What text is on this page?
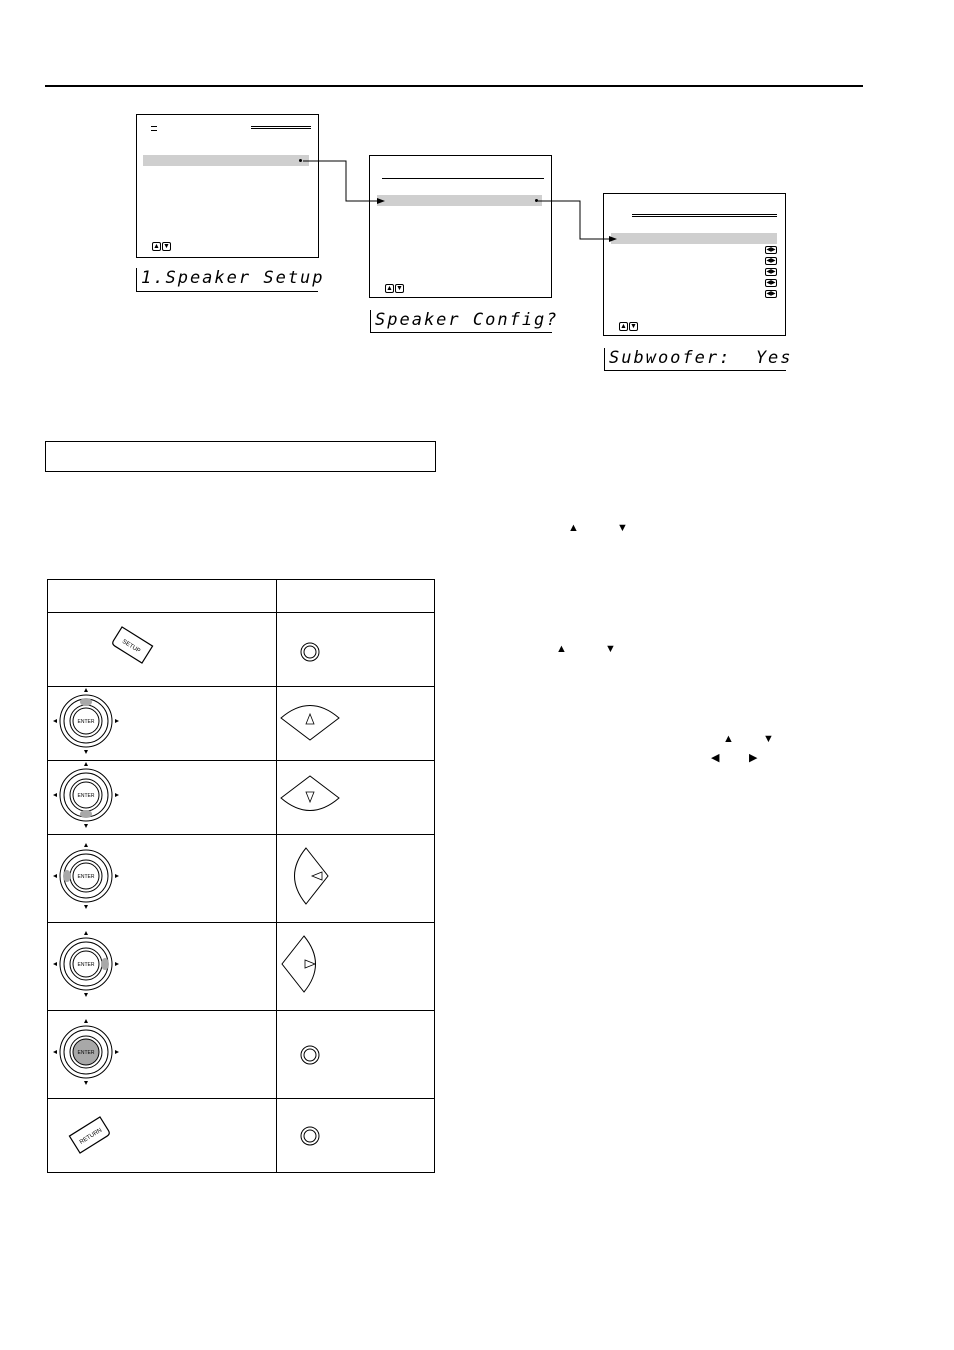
▲ ▼
1.Speaker Setup
▲ ▼
Speaker Config?
◀▶
◀▶
◀▶
◀▶
◀▶
▲ ▼
Subwoofer:  Yes
▲	▼
▲	▼
▲	▼
◀	▶

SETUP

ENTER

ENTER

ENTER

ENTER

ENTER

RETURN
